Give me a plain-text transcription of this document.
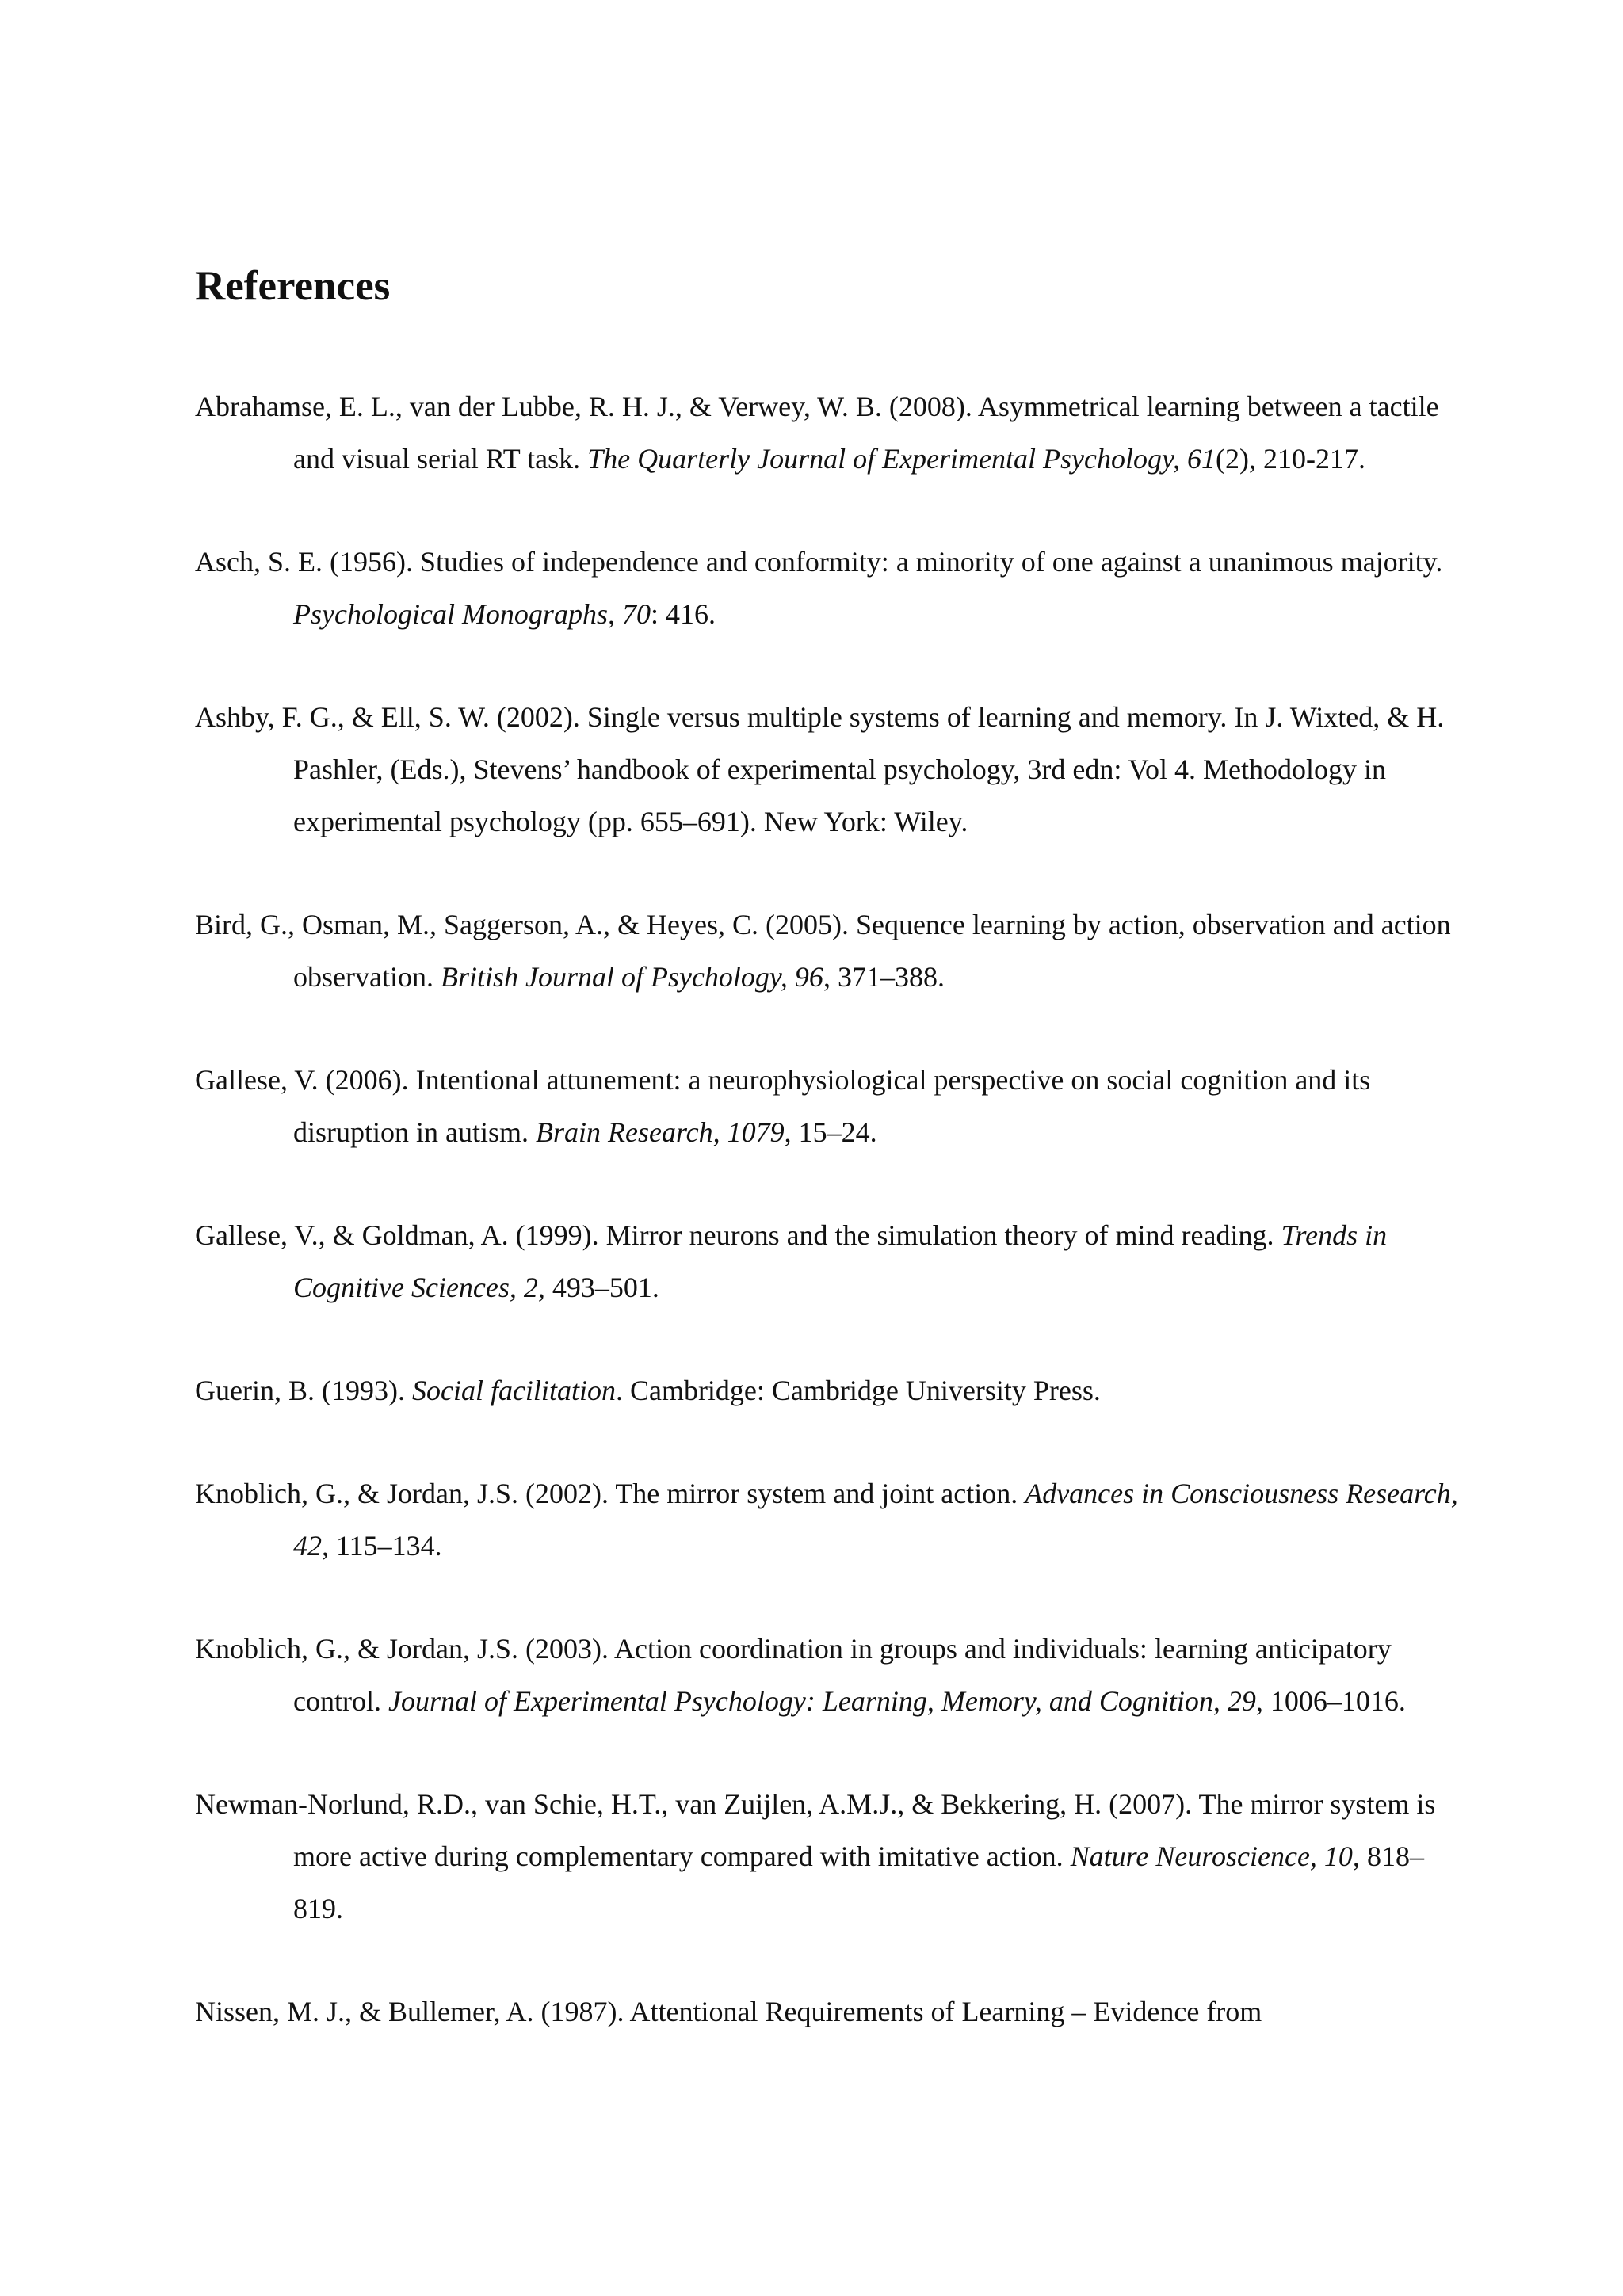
References

Abrahamse, E. L., van der Lubbe, R. H. J., & Verwey, W. B. (2008). Asymmetrical learning between a tactile and visual serial RT task. The Quarterly Journal of Experimental Psychology, 61(2), 210-217.

Asch, S. E. (1956). Studies of independence and conformity: a minority of one against a unanimous majority. Psychological Monographs, 70: 416.

Ashby, F. G., & Ell, S. W. (2002). Single versus multiple systems of learning and memory. In J. Wixted, & H. Pashler, (Eds.), Stevens’ handbook of experimental psychology, 3rd edn: Vol 4. Methodology in experimental psychology (pp. 655–691). New York: Wiley.

Bird, G., Osman, M., Saggerson, A., & Heyes, C. (2005). Sequence learning by action, observation and action observation. British Journal of Psychology, 96, 371–388.

Gallese, V. (2006). Intentional attunement: a neurophysiological perspective on social cognition and its disruption in autism. Brain Research, 1079, 15–24.

Gallese, V., & Goldman, A. (1999). Mirror neurons and the simulation theory of mind reading. Trends in Cognitive Sciences, 2, 493–501.

Guerin, B. (1993). Social facilitation. Cambridge: Cambridge University Press.

Knoblich, G., & Jordan, J.S. (2002). The mirror system and joint action. Advances in Consciousness Research, 42, 115–134.

Knoblich, G., & Jordan, J.S. (2003). Action coordination in groups and individuals: learning anticipatory control. Journal of Experimental Psychology: Learning, Memory, and Cognition, 29, 1006–1016.

Newman-Norlund, R.D., van Schie, H.T., van Zuijlen, A.M.J., & Bekkering, H. (2007). The mirror system is more active during complementary compared with imitative action. Nature Neuroscience, 10, 818–819.

Nissen, M. J., & Bullemer, A. (1987). Attentional Requirements of Learning – Evidence from
